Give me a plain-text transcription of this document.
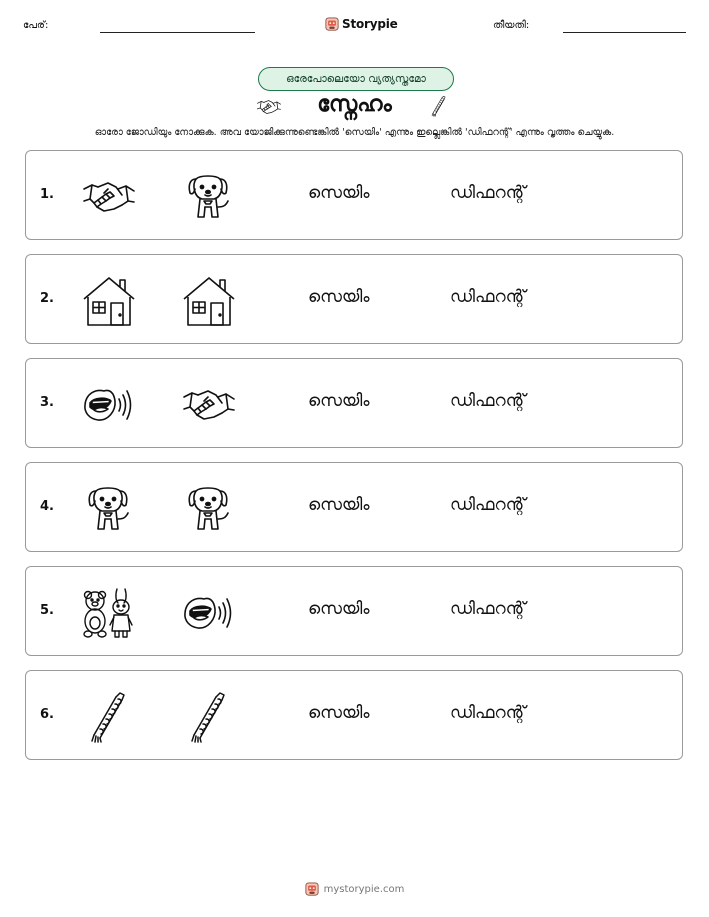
പേര്:	Storypie	തീയതി:
ഒരേപോലെയോ വ്യത്യസ്തമോ
സ്നേഹം
ഓരോ ജോഡിയും നോക്കുക. അവ യോജിക്കുന്നുണ്ടെങ്കിൽ 'സെയിം' എന്നും ഇല്ലെങ്കിൽ 'ഡിഫറന്റ്' എന്നും വൃത്തം ചെയ്യുക.
1.	സെയിം	ഡിഫറന്റ്
2.	സെയിം	ഡിഫറന്റ്
3.	സെയിം	ഡിഫറന്റ്
4.	സെയിം	ഡിഫറന്റ്
5.	സെയിം	ഡിഫറന്റ്
6.	സെയിം	ഡിഫറന്റ്
mystorypie.com
